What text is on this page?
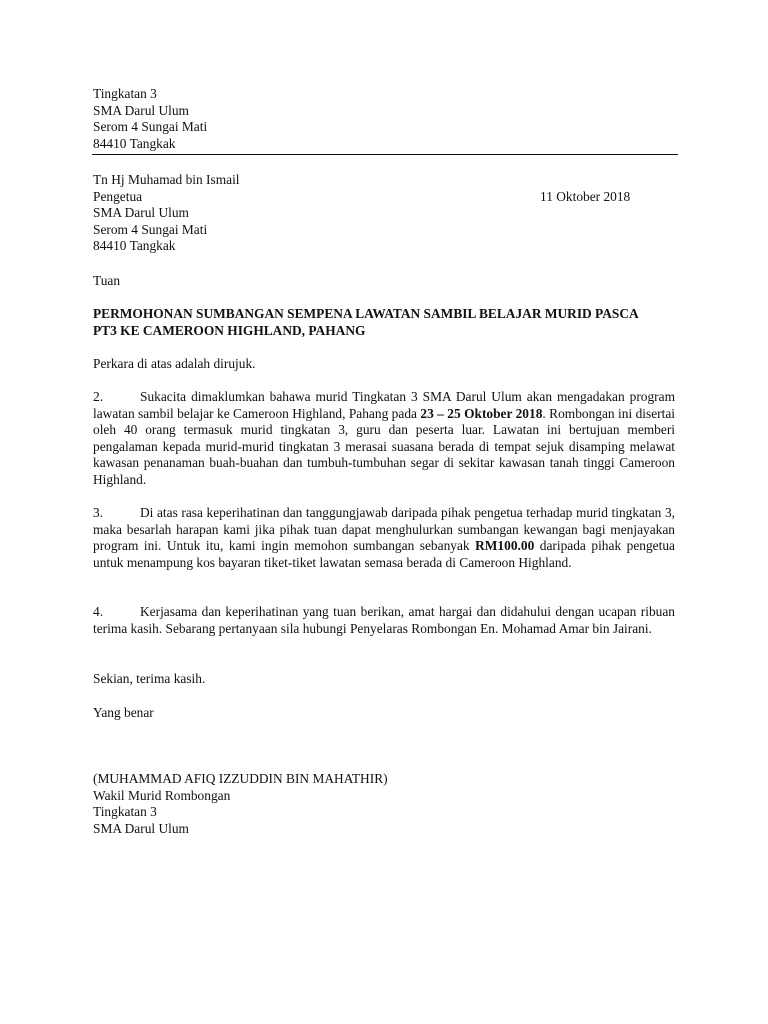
Tingkatan 3
SMA Darul Ulum
Serom 4 Sungai Mati
84410 Tangkak
Tn Hj Muhamad bin Ismail
Pengetua
SMA Darul Ulum
Serom 4 Sungai Mati
84410 Tangkak
11 Oktober 2018
Tuan
PERMOHONAN SUMBANGAN SEMPENA LAWATAN SAMBIL BELAJAR MURID PASCA
PT3 KE CAMEROON HIGHLAND, PAHANG
Perkara di atas adalah dirujuk.
2.	Sukacita dimaklumkan bahawa murid Tingkatan 3 SMA Darul Ulum akan mengadakan program lawatan sambil belajar ke Cameroon Highland, Pahang pada 23 – 25 Oktober 2018. Rombongan ini disertai oleh 40 orang termasuk murid tingkatan 3, guru dan peserta luar. Lawatan ini bertujuan memberi pengalaman kepada murid-murid tingkatan 3 merasai suasana berada di tempat sejuk disamping melawat kawasan penanaman buah-buahan dan tumbuh-tumbuhan segar di sekitar kawasan tanah tinggi Cameroon Highland.
3.	Di atas rasa keperihatinan dan tanggungjawab daripada pihak pengetua terhadap murid tingkatan 3, maka besarlah harapan kami jika pihak tuan dapat menghulurkan sumbangan kewangan bagi menjayakan program ini. Untuk itu, kami ingin memohon sumbangan sebanyak RM100.00 daripada pihak pengetua untuk menampung kos bayaran tiket-tiket lawatan semasa berada di Cameroon Highland.
4.	Kerjasama dan keperihatinan yang tuan berikan, amat hargai dan didahului dengan ucapan ribuan terima kasih. Sebarang pertanyaan sila hubungi Penyelaras Rombongan En. Mohamad Amar bin Jairani.
Sekian, terima kasih.
Yang benar
(MUHAMMAD AFIQ IZZUDDIN BIN MAHATHIR)
Wakil Murid Rombongan
Tingkatan 3
SMA Darul Ulum
